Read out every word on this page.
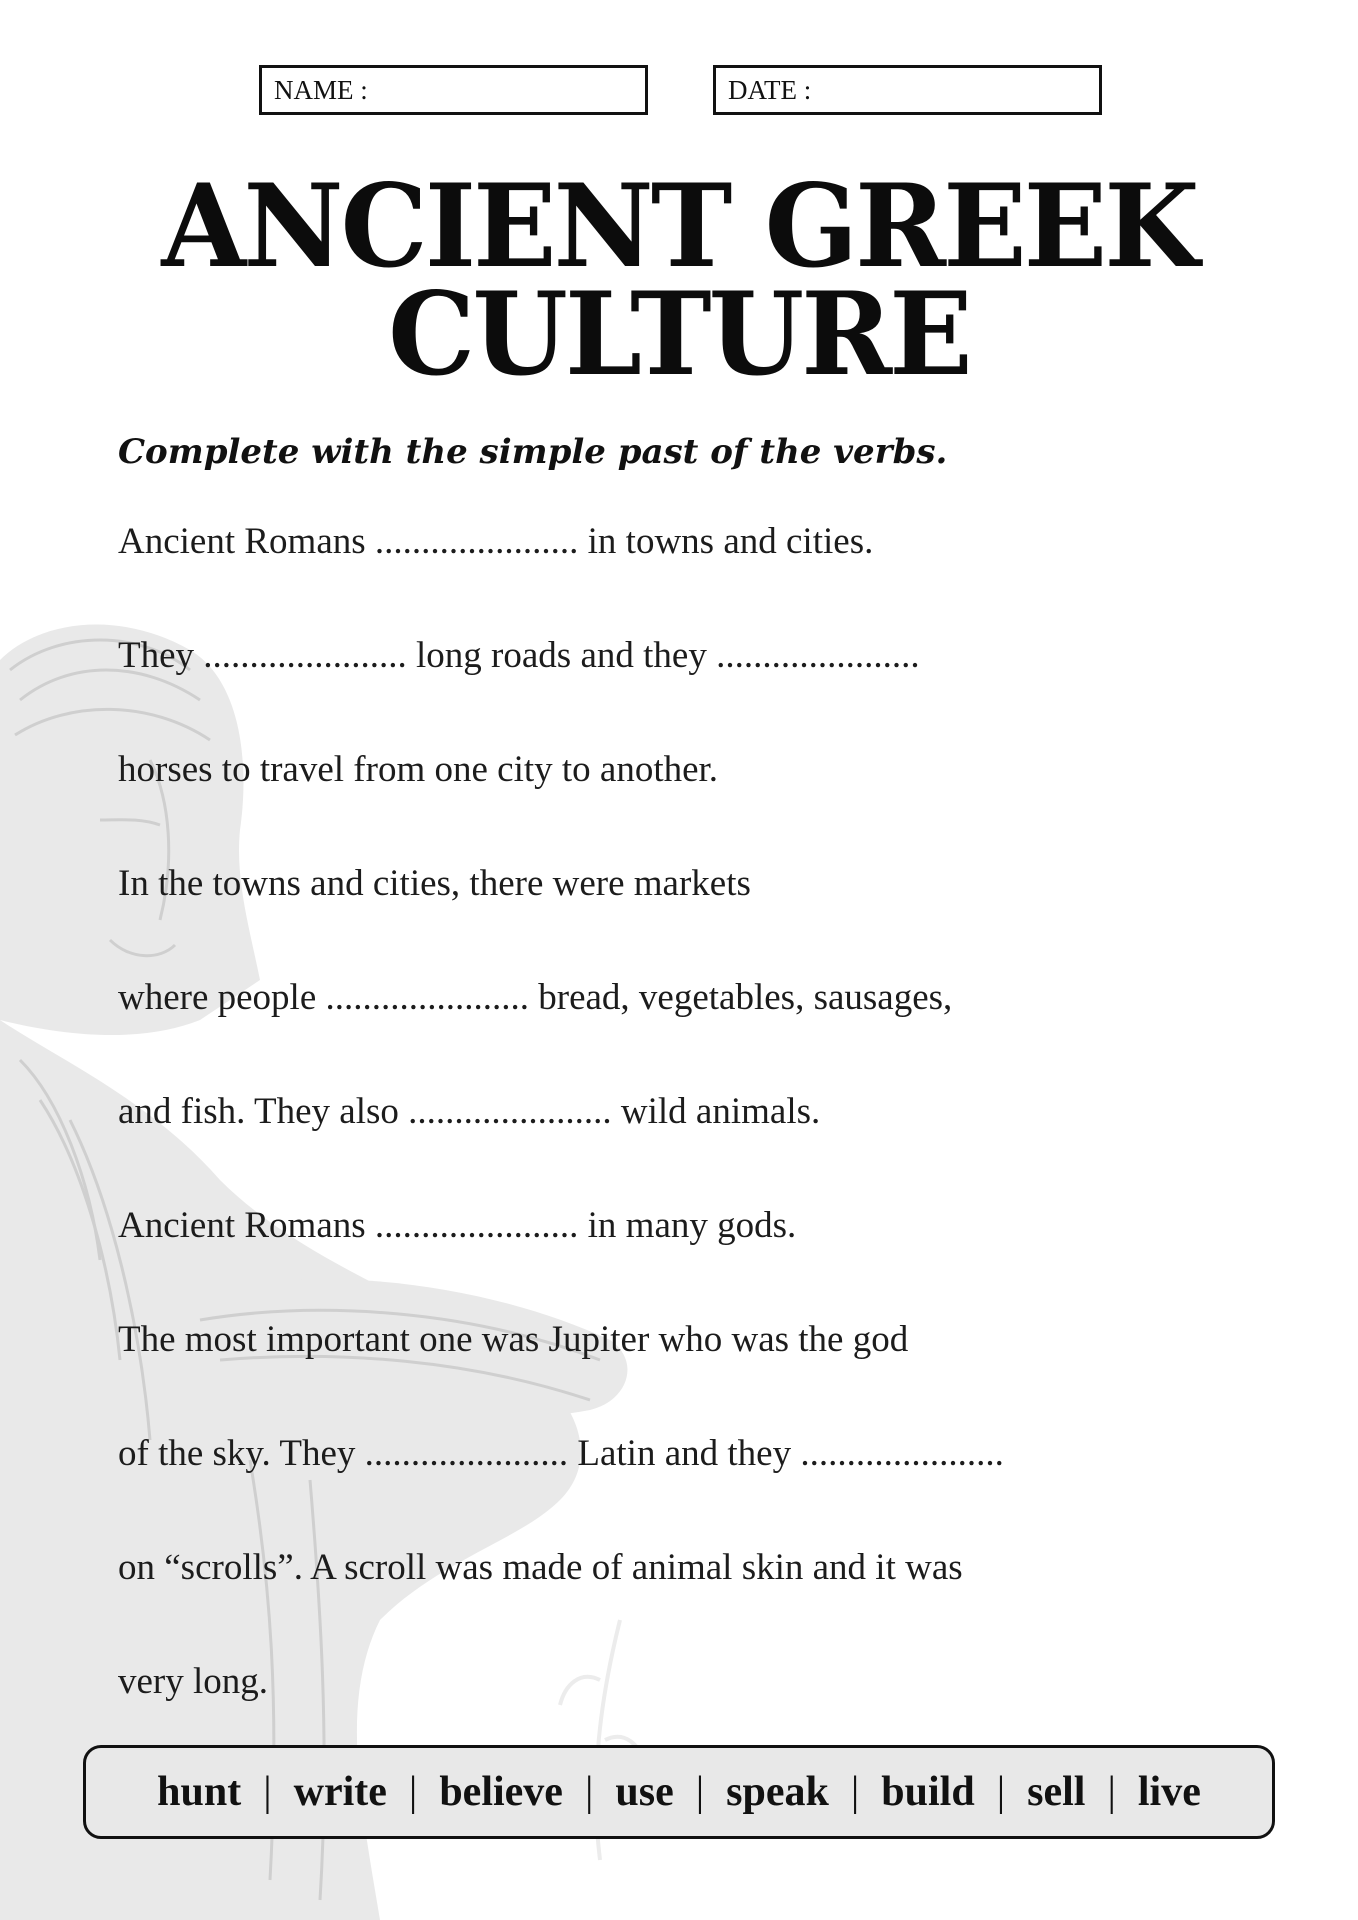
NAME :	DATE :
ANCIENT GREEK
CULTURE
Complete with the simple past of the verbs.
Ancient Romans ...................... in towns and cities.
They ...................... long roads and they ......................
horses to travel from one city to another.
In the towns and cities, there were markets
where people ...................... bread, vegetables, sausages,
and fish. They also ...................... wild animals.
Ancient Romans ...................... in many gods.
The most important one was Jupiter who was the god
of the sky. They ...................... Latin and they ......................
on “scrolls”. A scroll was made of animal skin and it was
very long.
hunt | write | believe | use | speak | build | sell | live
